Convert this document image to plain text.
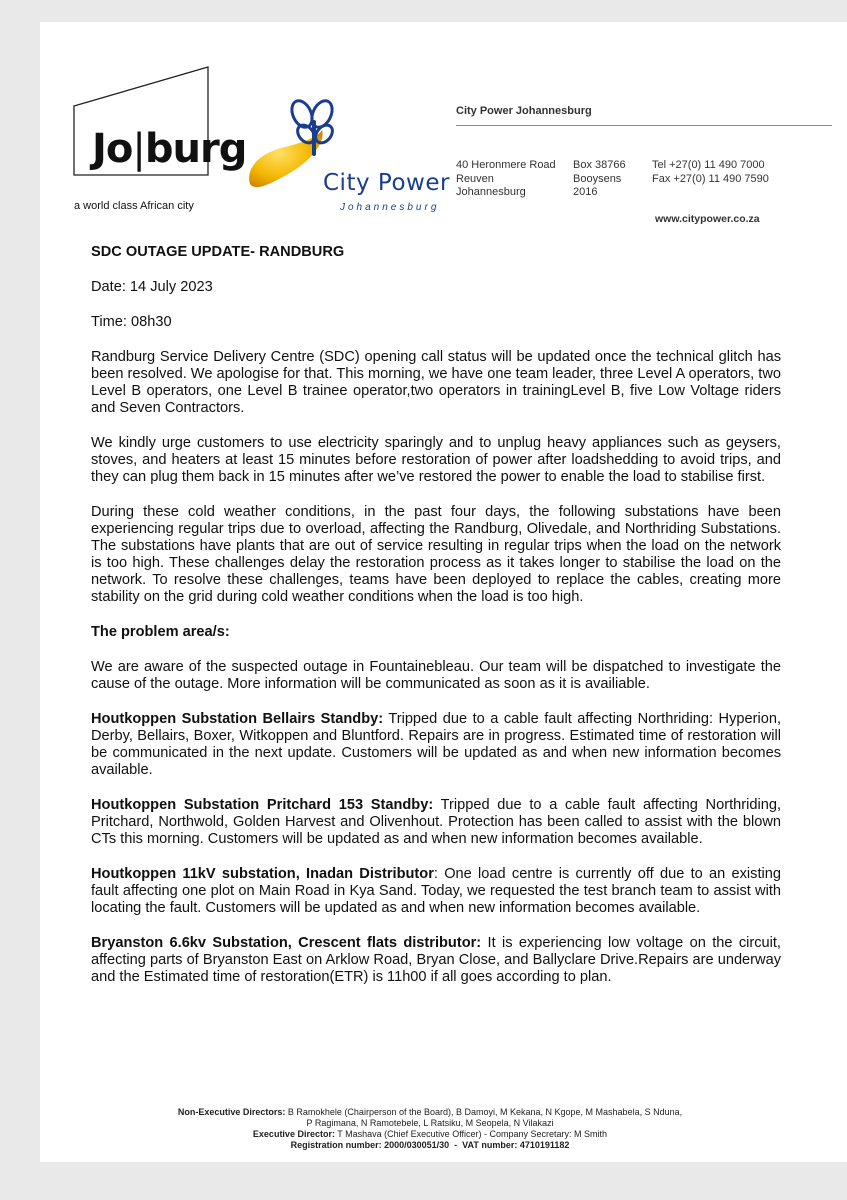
Jo|burg
a world class African city
City Power
Johannesburg
City Power Johannesburg
40 Heronmere Road
Reuven
Johannesburg
Box 38766
Booysens
2016
Tel +27(0) 11 490 7000
Fax +27(0) 11 490 7590
www.citypower.co.za

SDC OUTAGE UPDATE- RANDBURG

Date: 14 July 2023

Time: 08h30

Randburg Service Delivery Centre (SDC) opening call status will be updated once the technical glitch has been resolved. We apologise for that. This morning, we have one team leader, three Level A operators, two Level B operators, one Level B trainee operator,two operators in trainingLevel B, five Low Voltage riders and Seven Contractors.

We kindly urge customers to use electricity sparingly and to unplug heavy appliances such as geysers, stoves, and heaters at least 15 minutes before restoration of power after loadshedding to avoid trips, and they can plug them back in 15 minutes after we’ve restored the power to enable the load to stabilise first.

During these cold weather conditions, in the past four days, the following substations have been experiencing regular trips due to overload, affecting the Randburg, Olivedale, and Northriding Substations. The substations have plants that are out of service resulting in regular trips when the load on the network is too high. These challenges delay the restoration process as it takes longer to stabilise the load on the network. To resolve these challenges, teams have been deployed to replace the cables, creating more stability on the grid during cold weather conditions when the load is too high.

The problem area/s:

We are aware of the suspected outage in Fountainebleau. Our team will be dispatched to investigate the cause of the outage. More information will be communicated as soon as it is availiable.

Houtkoppen Substation Bellairs Standby: Tripped due to a cable fault affecting Northriding: Hyperion, Derby, Bellairs, Boxer, Witkoppen and Bluntford. Repairs are in progress. Estimated time of restoration will be communicated in the next update. Customers will be updated as and when new information becomes available.

Houtkoppen Substation Pritchard 153 Standby: Tripped due to a cable fault affecting Northriding, Pritchard, Northwold, Golden Harvest and Olivenhout. Protection has been called to assist with the blown CTs this morning. Customers will be updated as and when new information becomes available.

Houtkoppen 11kV substation, Inadan Distributor: One load centre is currently off due to an existing fault affecting one plot on Main Road in Kya Sand. Today, we requested the test branch team to assist with locating the fault. Customers will be updated as and when new information becomes available.

Bryanston 6.6kv Substation, Crescent flats distributor: It is experiencing low voltage on the circuit, affecting parts of Bryanston East on Arklow Road, Bryan Close, and Ballyclare Drive.Repairs are underway and the Estimated time of restoration(ETR) is 11h00 if all goes according to plan.

Non-Executive Directors: B Ramokhele (Chairperson of the Board), B Damoyi, M Kekana, N Kgope, M Mashabela, S Nduna,
P Ragimana, N Ramotebele, L Ratsiku, M Seopela, N Vilakazi
Executive Director: T Mashava (Chief Executive Officer) - Company Secretary: M Smith
Registration number: 2000/030051/30  -  VAT number: 4710191182
